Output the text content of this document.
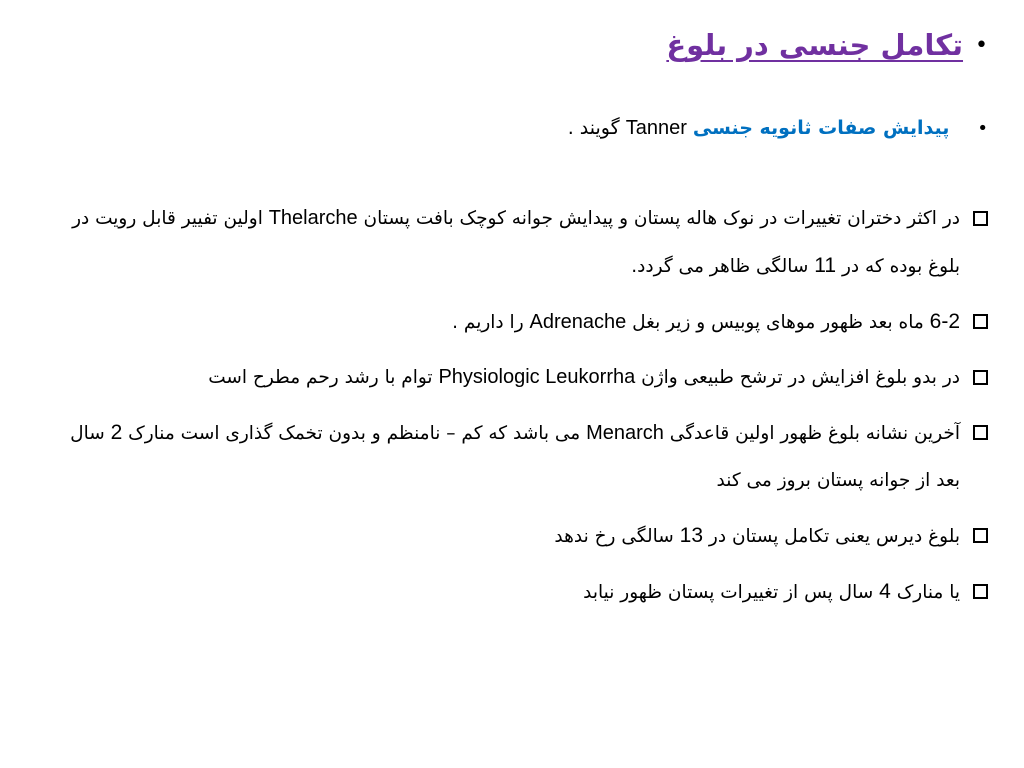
•تکامل جنسی در بلوغ
•پیدایش صفات ثانویه جنسی Tanner گویند .
در اکثر دختران تغییرات در نوک هاله پستان و پیدایش جوانه کوچک بافت پستان Thelarche اولین تفییر قابل رویت در بلوغ بوده که در 11 سالگی ظاهر می گردد.
6-2 ماه بعد ظهور موهای پوبیس و زیر بغل Adrenache را داریم .
در بدو بلوغ افزایش در ترشح طبیعی واژن Physiologic Leukorrha توام با رشد رحم مطرح است
آخرین نشانه بلوغ ظهور اولین قاعدگی Menarch می باشد که کم – نامنظم و بدون تخمک گذاری است منارک 2 سال بعد از جوانه پستان بروز می کند
بلوغ دیرس یعنی تکامل پستان در 13 سالگی رخ ندهد
یا منارک 4 سال پس از تغییرات پستان ظهور نیابد
